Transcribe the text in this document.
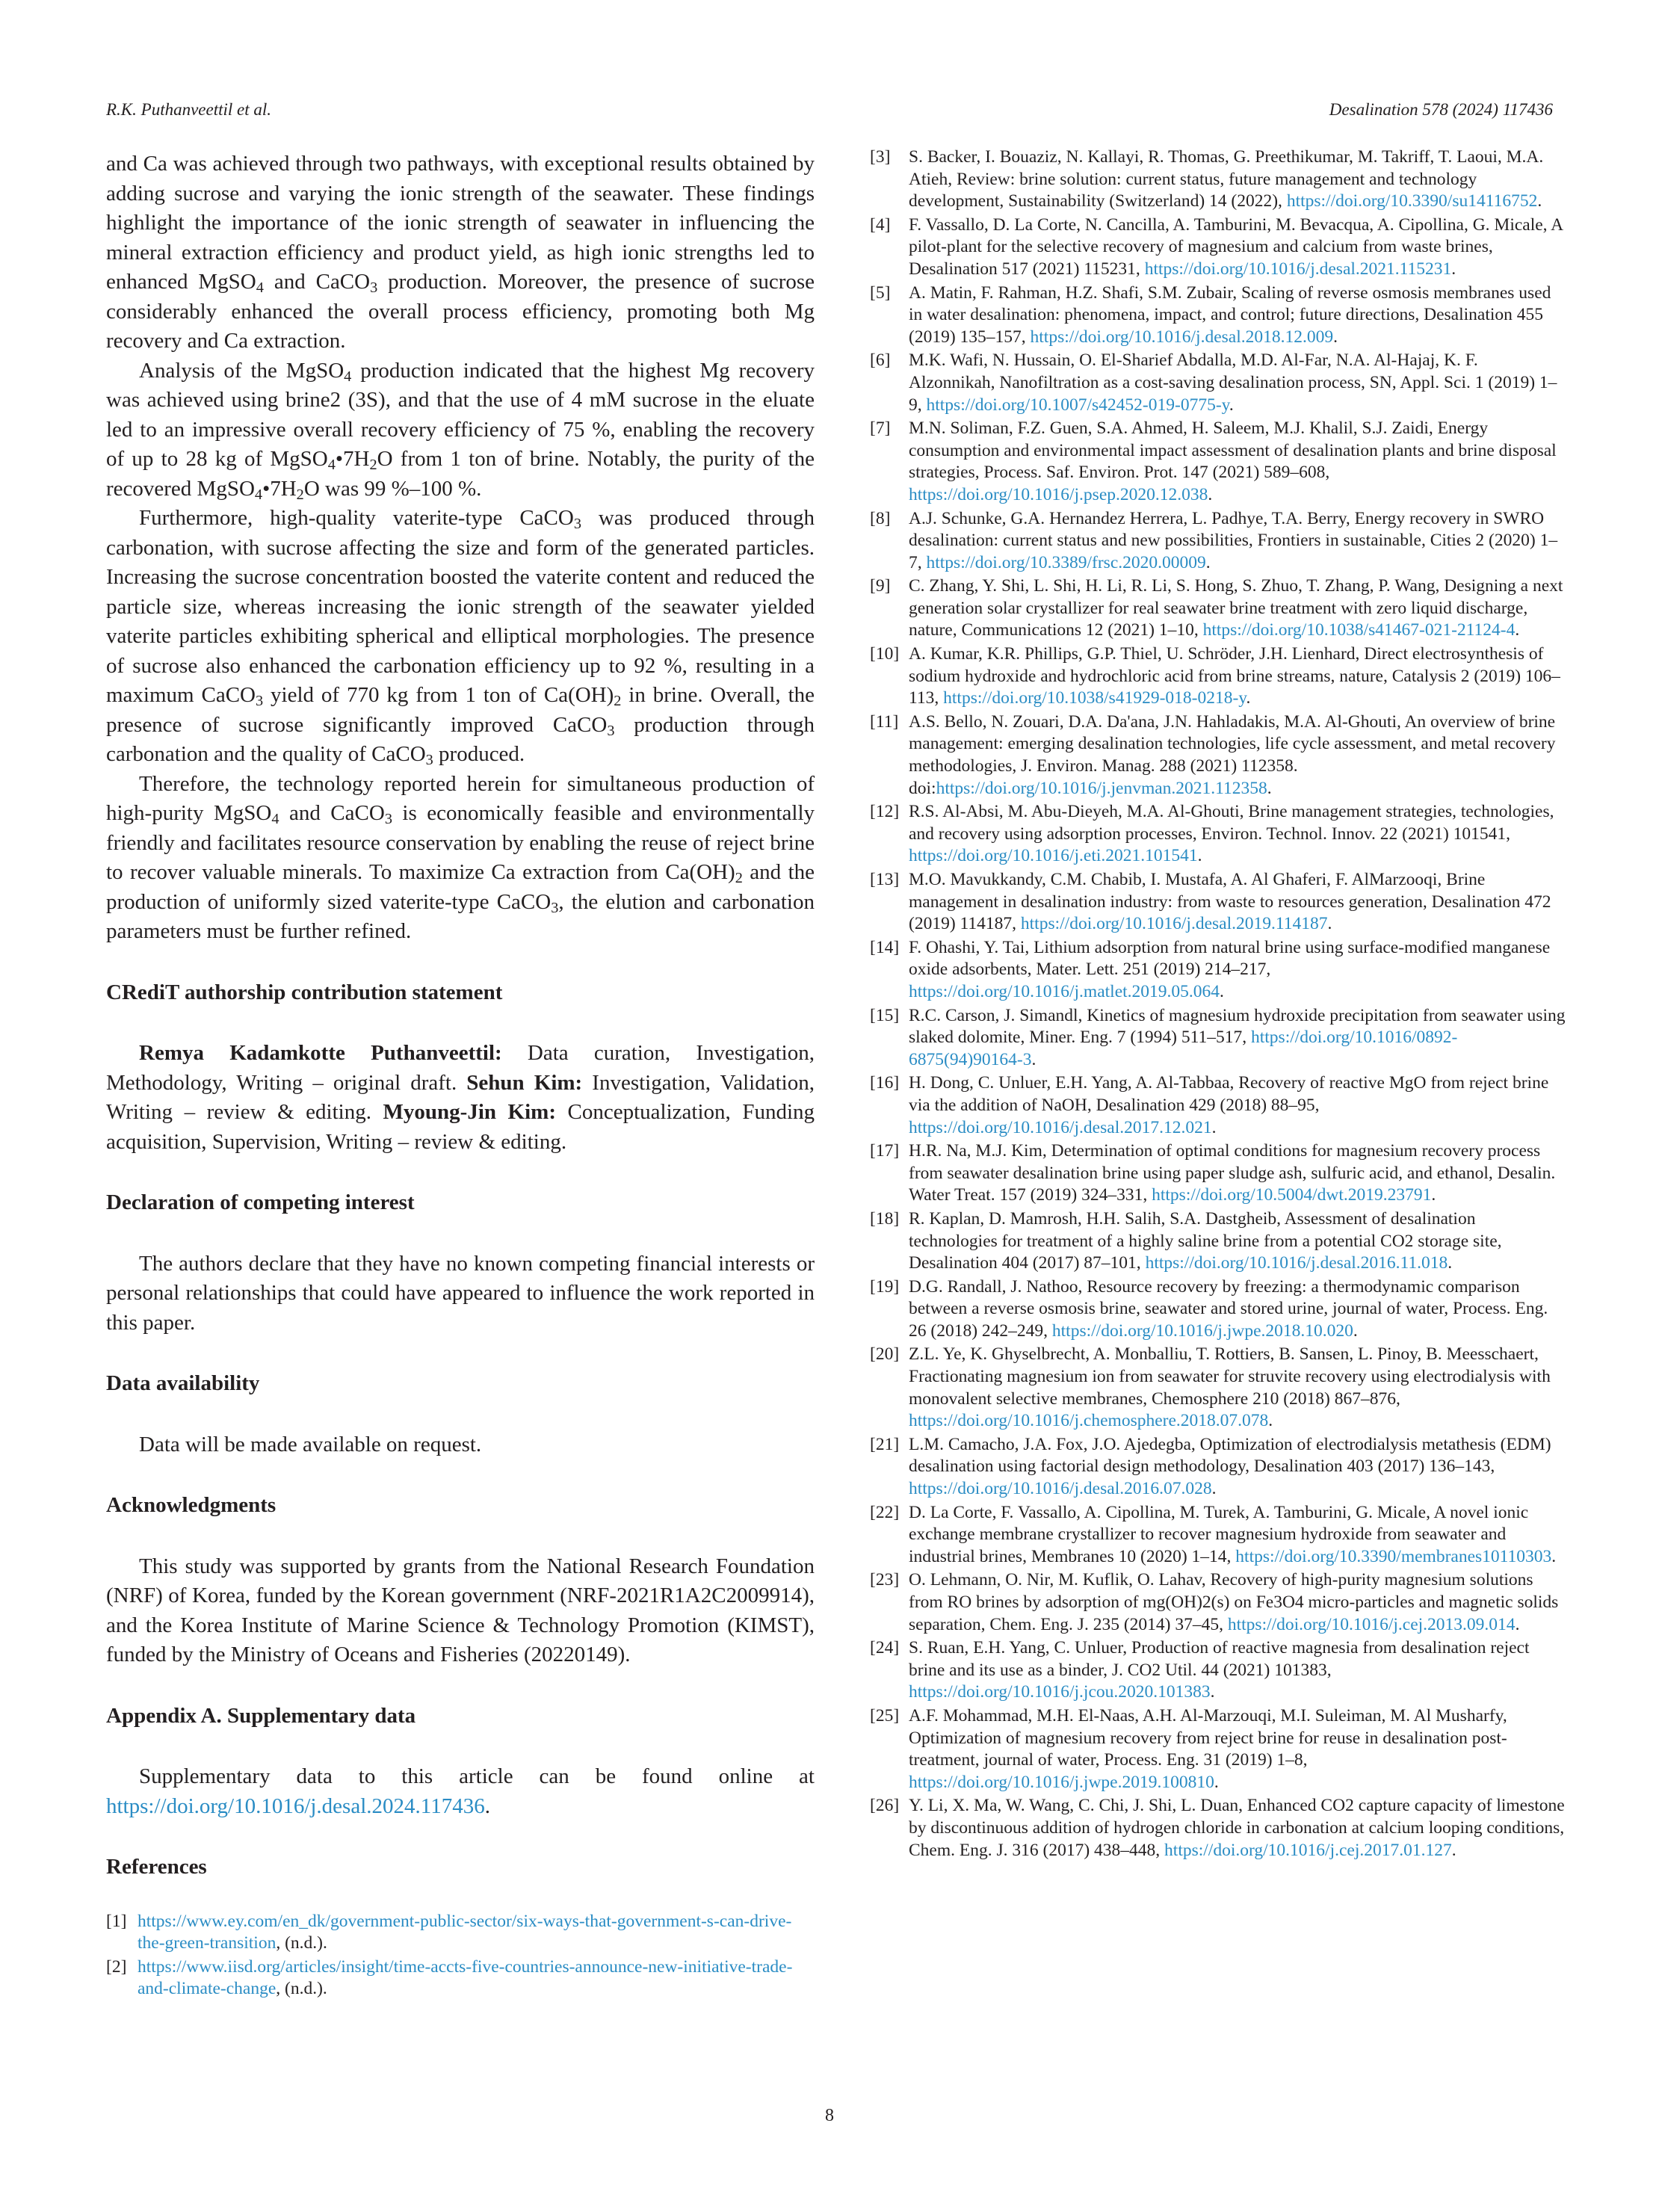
R.K. Puthanveettil et al.	Desalination 578 (2024) 117436

and Ca was achieved through two pathways, with exceptional results obtained by adding sucrose and varying the ionic strength of the seawater. These findings highlight the importance of the ionic strength of seawater in influencing the mineral extraction efficiency and product yield, as high ionic strengths led to enhanced MgSO$_4$ and CaCO$_3$ production. Moreover, the presence of sucrose considerably enhanced the overall process efficiency, promoting both Mg recovery and Ca extraction.

Analysis of the MgSO$_4$ production indicated that the highest Mg recovery was achieved using brine2 (3S), and that the use of 4 mM sucrose in the eluate led to an impressive overall recovery efficiency of 75 %, enabling the recovery of up to 28 kg of $MgSO_4•7H_2O$ from 1 ton of brine. Notably, the purity of the recovered $MgSO_4•7H_2O$ was 99 %–100 %.

Furthermore, high-quality vaterite-type CaCO$_3$ was produced through carbonation, with sucrose affecting the size and form of the generated particles. Increasing the sucrose concentration boosted the vaterite content and reduced the particle size, whereas increasing the ionic strength of the seawater yielded vaterite particles exhibiting spherical and elliptical morphologies. The presence of sucrose also enhanced the carbonation efficiency up to 92 %, resulting in a maximum CaCO$_3$ yield of 770 kg from 1 ton of $Ca(OH)_2$ in brine. Overall, the presence of sucrose significantly improved CaCO$_3$ production through carbonation and the quality of CaCO$_3$ produced.

Therefore, the technology reported herein for simultaneous production of high-purity MgSO$_4$ and CaCO$_3$ is economically feasible and environmentally friendly and facilitates resource conservation by enabling the reuse of reject brine to recover valuable minerals. To maximize Ca extraction from $Ca(OH)_2$ and the production of uniformly sized vaterite-type CaCO$_3$, the elution and carbonation parameters must be further refined.

CRediT authorship contribution statement

Remya Kadamkotte Puthanveettil: Data curation, Investigation, Methodology, Writing – original draft. Sehun Kim: Investigation, Validation, Writing – review & editing. Myoung-Jin Kim: Conceptualization, Funding acquisition, Supervision, Writing – review & editing.

Declaration of competing interest

The authors declare that they have no known competing financial interests or personal relationships that could have appeared to influence the work reported in this paper.

Data availability

Data will be made available on request.

Acknowledgments

This study was supported by grants from the National Research Foundation (NRF) of Korea, funded by the Korean government (NRF-2021R1A2C2009914), and the Korea Institute of Marine Science & Technology Promotion (KIMST), funded by the Ministry of Oceans and Fisheries (20220149).

Appendix A. Supplementary data

Supplementary data to this article can be found online at https://doi.org/10.1016/j.desal.2024.117436.

References

[1] https://www.ey.com/en_dk/government-public-sector/six-ways-that-government-s-can-drive-the-green-transition, (n.d.).

[2] https://www.iisd.org/articles/insight/time-accts-five-countries-announce-new-initiative-trade-and-climate-change, (n.d.).

[3] S. Backer, I. Bouaziz, N. Kallayi, R. Thomas, G. Preethikumar, M. Takriff, T. Laoui, M.A. Atieh, Review: brine solution: current status, future management and technology development, Sustainability (Switzerland) 14 (2022), https://doi.org/10.3390/su14116752.

[4] F. Vassallo, D. La Corte, N. Cancilla, A. Tamburini, M. Bevacqua, A. Cipollina, G. Micale, A pilot-plant for the selective recovery of magnesium and calcium from waste brines, Desalination 517 (2021) 115231, https://doi.org/10.1016/j.desal.2021.115231.

[5] A. Matin, F. Rahman, H.Z. Shafi, S.M. Zubair, Scaling of reverse osmosis membranes used in water desalination: phenomena, impact, and control; future directions, Desalination 455 (2019) 135–157, https://doi.org/10.1016/j.desal.2018.12.009.

[6] M.K. Wafi, N. Hussain, O. El-Sharief Abdalla, M.D. Al-Far, N.A. Al-Hajaj, K. F. Alzonnikah, Nanofiltration as a cost-saving desalination process, SN, Appl. Sci. 1 (2019) 1–9, https://doi.org/10.1007/s42452-019-0775-y.

[7] M.N. Soliman, F.Z. Guen, S.A. Ahmed, H. Saleem, M.J. Khalil, S.J. Zaidi, Energy consumption and environmental impact assessment of desalination plants and brine disposal strategies, Process. Saf. Environ. Prot. 147 (2021) 589–608, https://doi.org/10.1016/j.psep.2020.12.038.

[8] A.J. Schunke, G.A. Hernandez Herrera, L. Padhye, T.A. Berry, Energy recovery in SWRO desalination: current status and new possibilities, Frontiers in sustainable, Cities 2 (2020) 1–7, https://doi.org/10.3389/frsc.2020.00009.

[9] C. Zhang, Y. Shi, L. Shi, H. Li, R. Li, S. Hong, S. Zhuo, T. Zhang, P. Wang, Designing a next generation solar crystallizer for real seawater brine treatment with zero liquid discharge, nature, Communications 12 (2021) 1–10, https://doi.org/10.1038/s41467-021-21124-4.

[10] A. Kumar, K.R. Phillips, G.P. Thiel, U. Schröder, J.H. Lienhard, Direct electrosynthesis of sodium hydroxide and hydrochloric acid from brine streams, nature, Catalysis 2 (2019) 106–113, https://doi.org/10.1038/s41929-018-0218-y.

[11] A.S. Bello, N. Zouari, D.A. Da'ana, J.N. Hahladakis, M.A. Al-Ghouti, An overview of brine management: emerging desalination technologies, life cycle assessment, and metal recovery methodologies, J. Environ. Manag. 288 (2021) 112358. doi:https://doi.org/10.1016/j.jenvman.2021.112358.

[12] R.S. Al-Absi, M. Abu-Dieyeh, M.A. Al-Ghouti, Brine management strategies, technologies, and recovery using adsorption processes, Environ. Technol. Innov. 22 (2021) 101541, https://doi.org/10.1016/j.eti.2021.101541.

[13] M.O. Mavukkandy, C.M. Chabib, I. Mustafa, A. Al Ghaferi, F. AlMarzooqi, Brine management in desalination industry: from waste to resources generation, Desalination 472 (2019) 114187, https://doi.org/10.1016/j.desal.2019.114187.

[14] F. Ohashi, Y. Tai, Lithium adsorption from natural brine using surface-modified manganese oxide adsorbents, Mater. Lett. 251 (2019) 214–217, https://doi.org/10.1016/j.matlet.2019.05.064.

[15] R.C. Carson, J. Simandl, Kinetics of magnesium hydroxide precipitation from seawater using slaked dolomite, Miner. Eng. 7 (1994) 511–517, https://doi.org/10.1016/0892-6875(94)90164-3.

[16] H. Dong, C. Unluer, E.H. Yang, A. Al-Tabbaa, Recovery of reactive MgO from reject brine via the addition of NaOH, Desalination 429 (2018) 88–95, https://doi.org/10.1016/j.desal.2017.12.021.

[17] H.R. Na, M.J. Kim, Determination of optimal conditions for magnesium recovery process from seawater desalination brine using paper sludge ash, sulfuric acid, and ethanol, Desalin. Water Treat. 157 (2019) 324–331, https://doi.org/10.5004/dwt.2019.23791.

[18] R. Kaplan, D. Mamrosh, H.H. Salih, S.A. Dastgheib, Assessment of desalination technologies for treatment of a highly saline brine from a potential CO2 storage site, Desalination 404 (2017) 87–101, https://doi.org/10.1016/j.desal.2016.11.018.

[19] D.G. Randall, J. Nathoo, Resource recovery by freezing: a thermodynamic comparison between a reverse osmosis brine, seawater and stored urine, journal of water, Process. Eng. 26 (2018) 242–249, https://doi.org/10.1016/j.jwpe.2018.10.020.

[20] Z.L. Ye, K. Ghyselbrecht, A. Monballiu, T. Rottiers, B. Sansen, L. Pinoy, B. Meesschaert, Fractionating magnesium ion from seawater for struvite recovery using electrodialysis with monovalent selective membranes, Chemosphere 210 (2018) 867–876, https://doi.org/10.1016/j.chemosphere.2018.07.078.

[21] L.M. Camacho, J.A. Fox, J.O. Ajedegba, Optimization of electrodialysis metathesis (EDM) desalination using factorial design methodology, Desalination 403 (2017) 136–143, https://doi.org/10.1016/j.desal.2016.07.028.

[22] D. La Corte, F. Vassallo, A. Cipollina, M. Turek, A. Tamburini, G. Micale, A novel ionic exchange membrane crystallizer to recover magnesium hydroxide from seawater and industrial brines, Membranes 10 (2020) 1–14, https://doi.org/10.3390/membranes10110303.

[23] O. Lehmann, O. Nir, M. Kuflik, O. Lahav, Recovery of high-purity magnesium solutions from RO brines by adsorption of mg(OH)2(s) on Fe3O4 micro-particles and magnetic solids separation, Chem. Eng. J. 235 (2014) 37–45, https://doi.org/10.1016/j.cej.2013.09.014.

[24] S. Ruan, E.H. Yang, C. Unluer, Production of reactive magnesia from desalination reject brine and its use as a binder, J. CO2 Util. 44 (2021) 101383, https://doi.org/10.1016/j.jcou.2020.101383.

[25] A.F. Mohammad, M.H. El-Naas, A.H. Al-Marzouqi, M.I. Suleiman, M. Al Musharfy, Optimization of magnesium recovery from reject brine for reuse in desalination post-treatment, journal of water, Process. Eng. 31 (2019) 1–8, https://doi.org/10.1016/j.jwpe.2019.100810.

[26] Y. Li, X. Ma, W. Wang, C. Chi, J. Shi, L. Duan, Enhanced CO2 capture capacity of limestone by discontinuous addition of hydrogen chloride in carbonation at calcium looping conditions, Chem. Eng. J. 316 (2017) 438–448, https://doi.org/10.1016/j.cej.2017.01.127.

8
